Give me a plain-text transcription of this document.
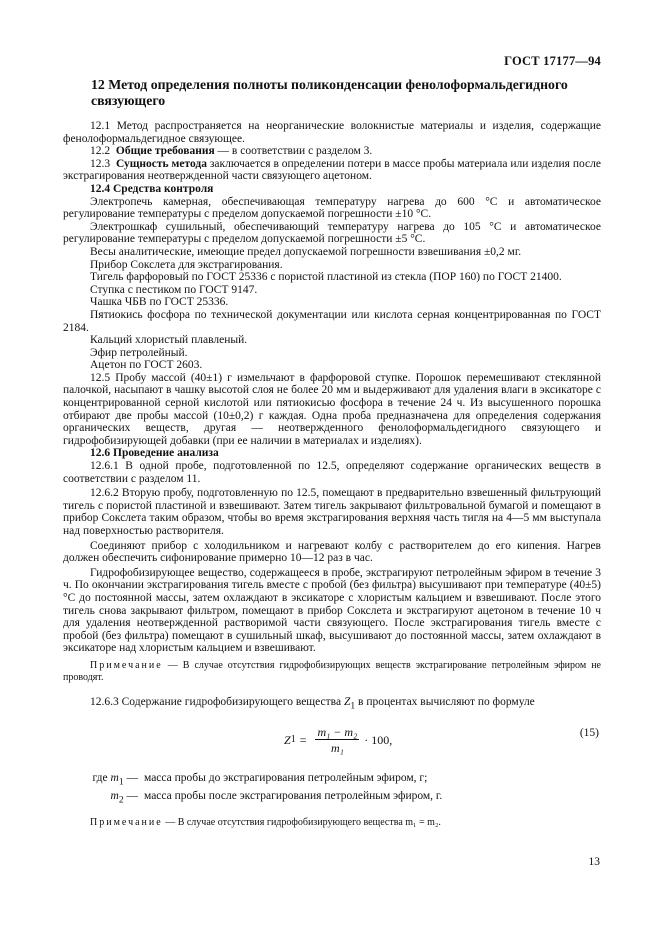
ГОСТ 17177—94
12 Метод определения полноты поликонденсации фенолоформальдегидного связующего

12.1 Метод распространяется на неорганические волокнистые материалы и изделия, содержащие фенолоформальдегидное связующее.

12.2 Общие требования — в соответствии с разделом 3.

12.3 Сущность метода заключается в определении потери в массе пробы материала или изделия после экстрагирования неотвержденной части связующего ацетоном.

12.4 Средства контроля

Электропечь камерная, обеспечивающая температуру нагрева до 600 °С и автоматическое регулирование температуры с пределом допускаемой погрешности ±10 °С.

Электрошкаф сушильный, обеспечивающий температуру нагрева до 105 °С и автоматическое регулирование температуры с пределом допускаемой погрешности ±5 °С.

Весы аналитические, имеющие предел допускаемой погрешности взвешивания ±0,2 мг.

Прибор Сокслета для экстрагирования.

Тигель фарфоровый по ГОСТ 25336 с пористой пластиной из стекла (ПОР 160) по ГОСТ 21400.

Ступка с пестиком по ГОСТ 9147.

Чашка ЧБВ по ГОСТ 25336.

Пятиокись фосфора по технической документации или кислота серная концентрированная по ГОСТ 2184.

Кальций хлористый плавленый.

Эфир петролейный.

Ацетон по ГОСТ 2603.

12.5 Пробу массой (40±1) г измельчают в фарфоровой ступке. Порошок перемешивают стеклянной палочкой, насыпают в чашку высотой слоя не более 20 мм и выдерживают для удаления влаги в эксикаторе с концентрированной серной кислотой или пятиокисью фосфора в течение 24 ч. Из высушенного порошка отбирают две пробы массой (10±0,2) г каждая. Одна проба предназначена для определения содержания органических веществ, другая — неотвержденного фенолоформальдегидного связующего и гидрофобизирующей добавки (при ее наличии в материалах и изделиях).

12.6 Проведение анализа

12.6.1 В одной пробе, подготовленной по 12.5, определяют содержание органических веществ в соответствии с разделом 11.

12.6.2 Вторую пробу, подготовленную по 12.5, помещают в предварительно взвешенный фильтрующий тигель с пористой пластиной и взвешивают. Затем тигель закрывают фильтровальной бумагой и помещают в прибор Сокслета таким образом, чтобы во время экстрагирования верхняя часть тигля на 4—5 мм выступала над поверхностью растворителя.

Соединяют прибор с холодильником и нагревают колбу с растворителем до его кипения. Нагрев должен обеспечить сифонирование примерно 10—12 раз в час.

Гидрофобизирующее вещество, содержащееся в пробе, экстрагируют петролейным эфиром в течение 3 ч. По окончании экстрагирования тигель вместе с пробой (без фильтра) высушивают при температуре (40±5) °С до постоянной массы, затем охлаждают в эксикаторе с хлористым кальцием и взвешивают. После этого тигель снова закрывают фильтром, помещают в прибор Сокслета и экстрагируют ацетоном в течение 10 ч для удаления неотвержденной растворимой части связующего. После экстрагирования тигель вместе с пробой (без фильтра) помещают в сушильный шкаф, высушивают до постоянной массы, затем охлаждают в эксикаторе над хлористым кальцием и взвешивают.

Примечание — В случае отсутствия гидрофобизирующих веществ экстрагирование петролейным эфиром не проводят.

12.6.3 Содержание гидрофобизирующего вещества $Z_1$ в процентах вычисляют по формуле

Z $1 = \frac{\text{m₁ − m₂}}{\text{m₁}} \cdot 100$,
(15)
где $m_1$ — масса пробы до экстрагирования петролейным эфиром, г;
$m_2$ — масса пробы после экстрагирования петролейным эфиром, г.

Примечание — В случае отсутствия гидрофобизирующего вещества m₁ = m₂.

13
